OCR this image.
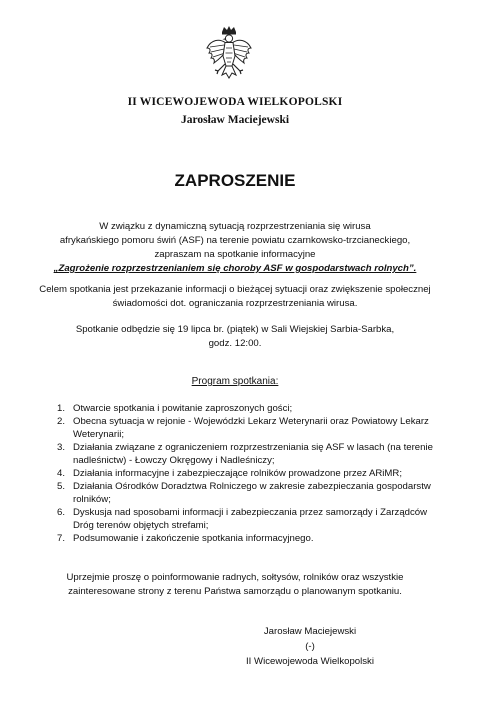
II WICEWOJEWODA WIELKOPOLSKI
Jarosław Maciejewski
ZAPROSZENIE
W związku z dynamiczną sytuacją rozprzestrzeniania się wirusa
afrykańskiego pomoru świń (ASF) na terenie powiatu czarnkowsko-trzcianeckiego,
zapraszam na spotkanie informacyjne
„Zagrożenie rozprzestrzenianiem się choroby ASF w gospodarstwach rolnych”.
Celem spotkania jest przekazanie informacji o bieżącej sytuacji oraz zwiększenie społecznej
świadomości dot. ograniczania rozprzestrzeniania wirusa.
Spotkanie odbędzie się 19 lipca br. (piątek) w Sali Wiejskiej Sarbia-Sarbka,
godz. 12:00.
Program spotkania:
1. Otwarcie spotkania i powitanie zaproszonych gości;
2. Obecna sytuacja w rejonie - Wojewódzki Lekarz Weterynarii oraz Powiatowy Lekarz
Weterynarii;
3. Działania związane z ograniczeniem rozprzestrzeniania się ASF w lasach (na terenie
nadleśnictw) - Łowczy Okręgowy i Nadleśniczy;
4. Działania informacyjne i zabezpieczające rolników prowadzone przez ARiMR;
5. Działania Ośrodków Doradztwa Rolniczego w zakresie zabezpieczania gospodarstw
rolników;
6. Dyskusja nad sposobami informacji i zabezpieczania przez samorządy i Zarządców
Dróg terenów objętych strefami;
7. Podsumowanie i zakończenie spotkania informacyjnego.
Uprzejmie proszę o poinformowanie radnych, sołtysów, rolników oraz wszystkie
zainteresowane strony z terenu Państwa samorządu o planowanym spotkaniu.
Jarosław Maciejewski
(-)
II Wicewojewoda Wielkopolski
